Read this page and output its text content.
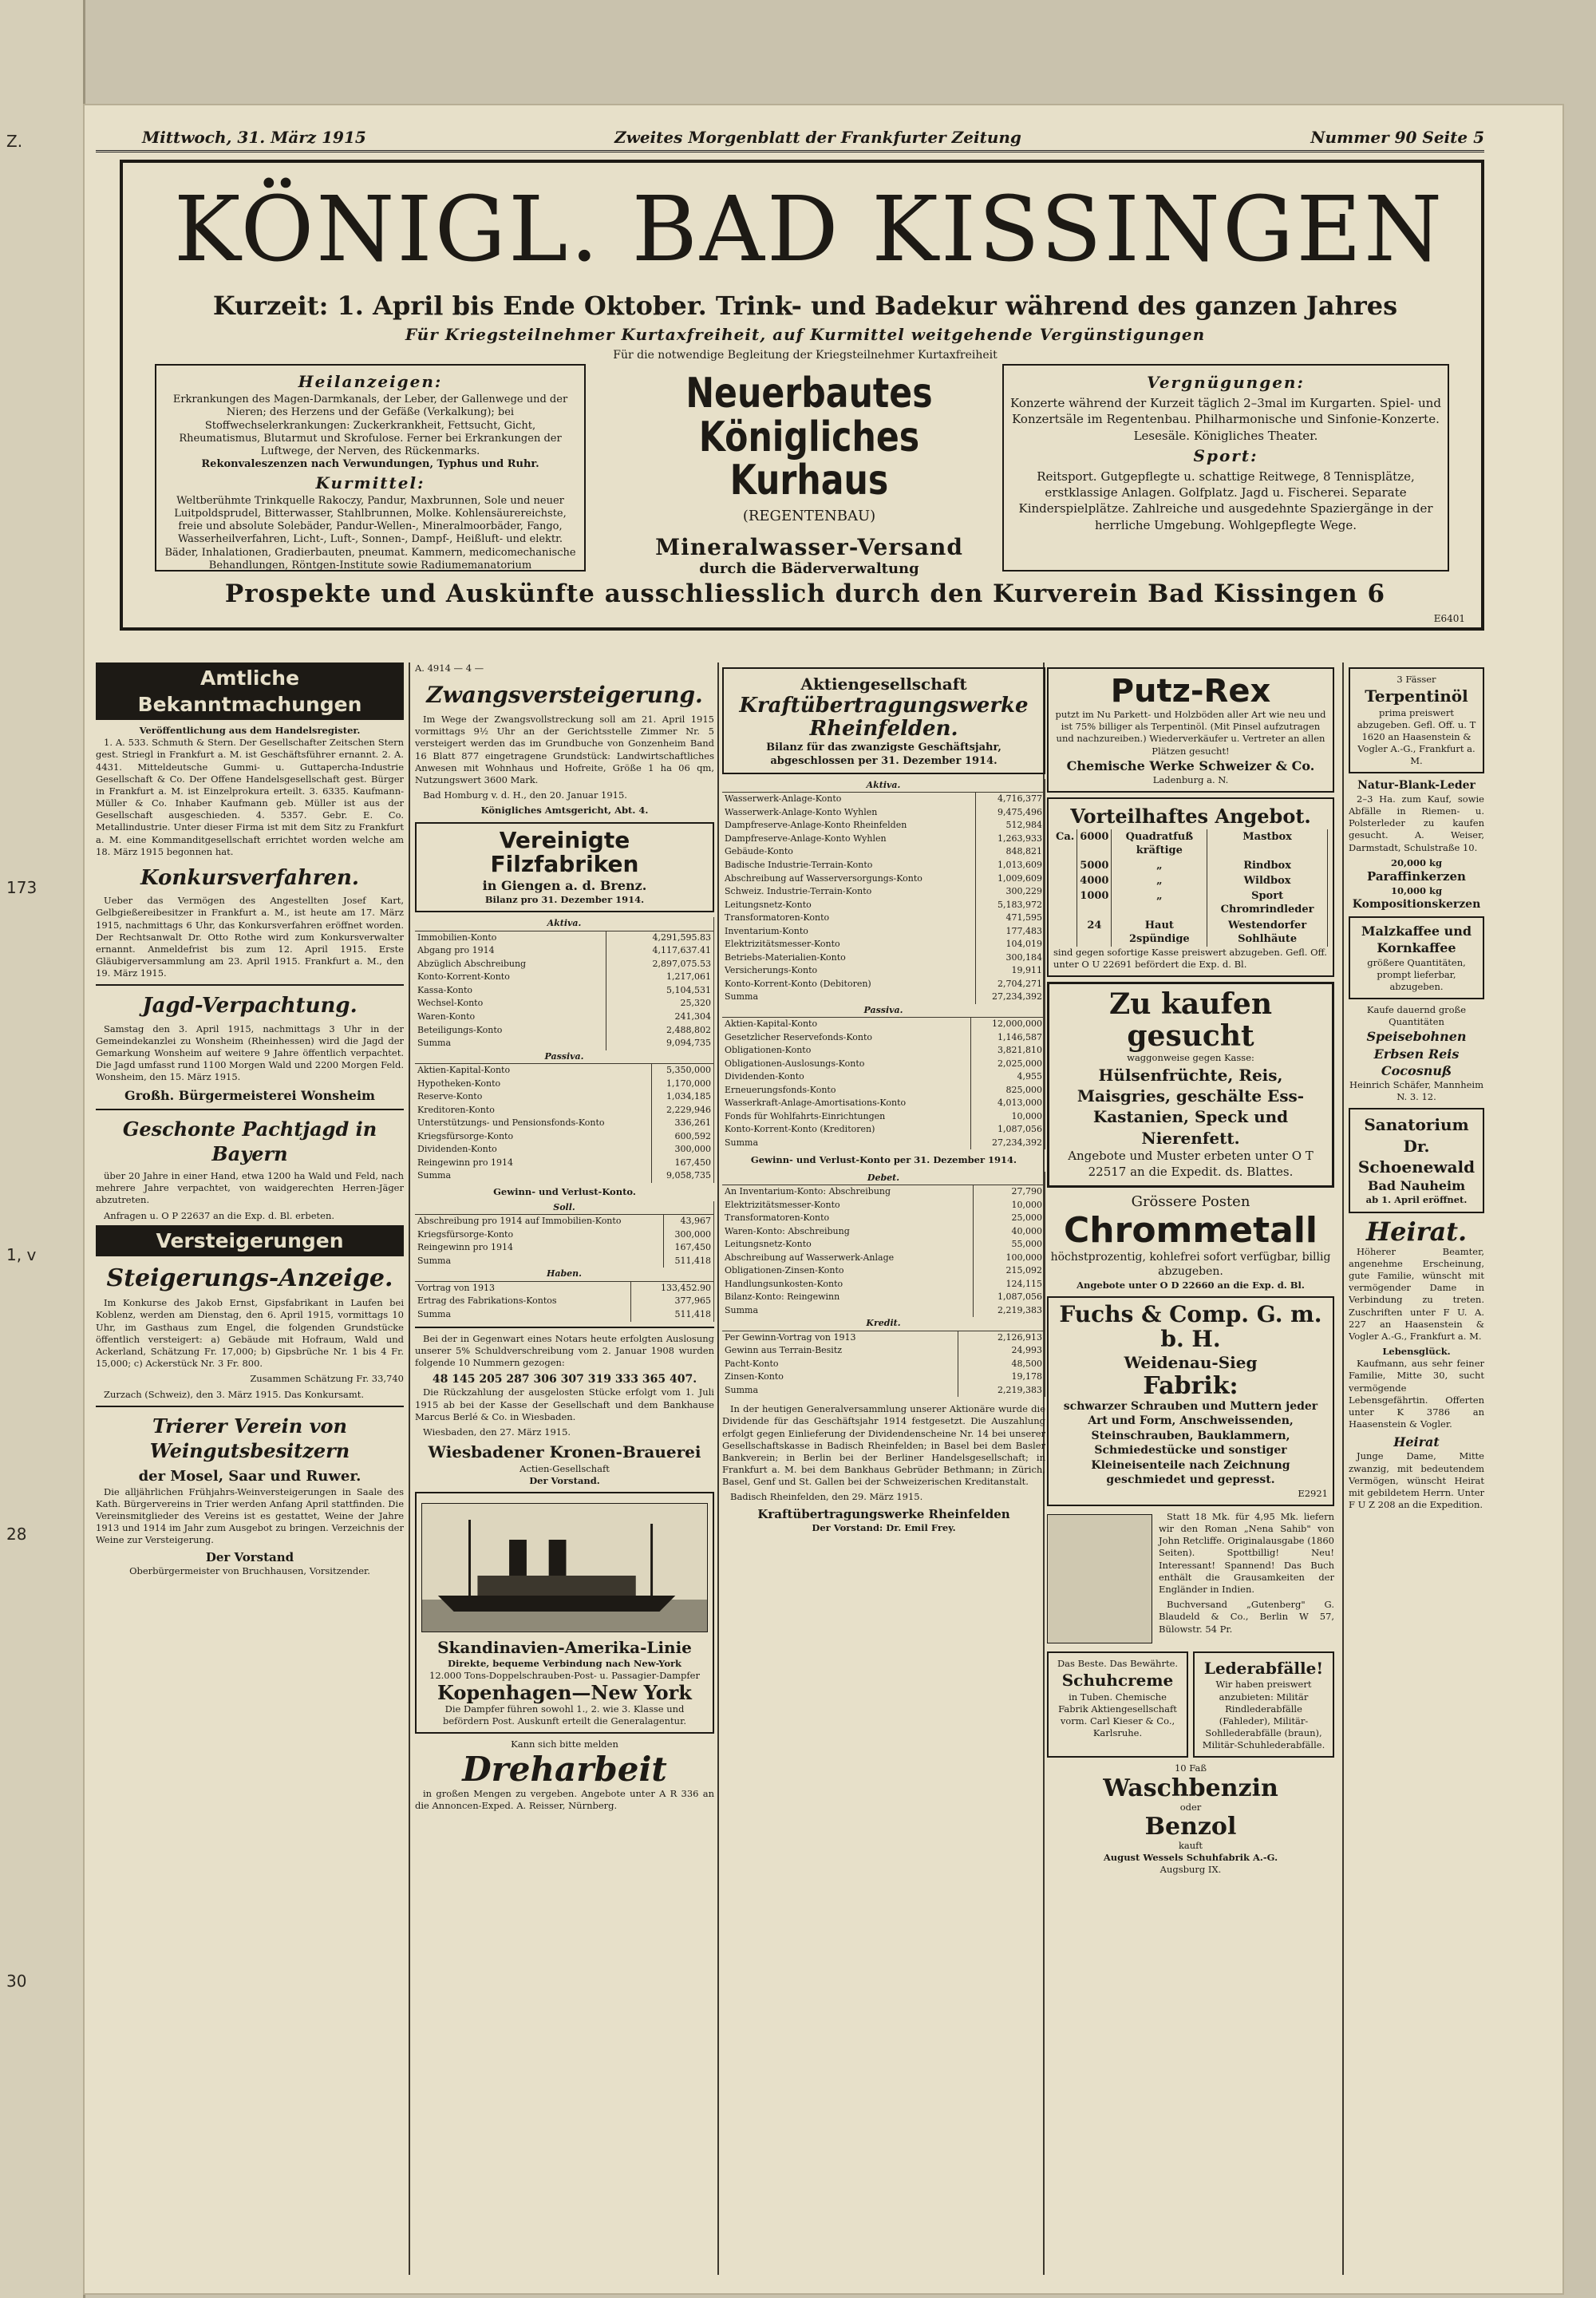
Z.
173
1, v
28
30
Mittwoch, 31. März 1915	Zweites Morgenblatt der Frankfurter Zeitung	Nummer 90 Seite 5
KÖNIGL. BAD KISSINGEN
Kurzeit: 1. April bis Ende Oktober. Trink- und Badekur während des ganzen Jahres
Für Kriegsteilnehmer Kurtaxfreiheit, auf Kurmittel weitgehende Vergünstigungen
Für die notwendige Begleitung der Kriegsteilnehmer Kurtaxfreiheit
Heilanzeigen:
Erkrankungen des Magen-Darmkanals, der Leber, der Gallenwege und der Nieren; des Herzens und der Gefäße (Verkalkung); bei Stoffwechselerkrankungen: Zuckerkrankheit, Fettsucht, Gicht, Rheumatismus, Blutarmut und Skrofulose. Ferner bei Erkrankungen der Luftwege, der Nerven, des Rückenmarks.
Rekonvaleszenzen nach Verwundungen, Typhus und Ruhr.
Kurmittel:
Weltberühmte Trinkquelle Rakoczy, Pandur, Maxbrunnen, Sole und neuer Luitpoldsprudel, Bitterwasser, Stahlbrunnen, Molke. Kohlensäurereichste, freie und absolute Solebäder, Pandur-Wellen-, Mineralmoorbäder, Fango, Wasserheilverfahren, Licht-, Luft-, Sonnen-, Dampf-, Heißluft- und elektr. Bäder, Inhalationen, Gradierbauten, pneumat. Kammern, medicomechanische Behandlungen, Röntgen-Institute sowie Radiumemanatorium
Neuerbautes
Königliches Kurhaus
(REGENTENBAU)
Mineralwasser-Versand
durch die Bäderverwaltung
Vergnügungen:
Konzerte während der Kurzeit täglich 2–3mal im Kurgarten. Spiel- und Konzertsäle im Regentenbau. Philharmonische und Sinfonie-Konzerte. Lesesäle. Königliches Theater.
Sport:
Reitsport. Gutgepflegte u. schattige Reitwege, 8 Tennisplätze, erstklassige Anlagen. Golfplatz. Jagd u. Fischerei. Separate Kinderspielplätze. Zahlreiche und ausgedehnte Spaziergänge in der herrliche Umgebung. Wohlgepflegte Wege.
Prospekte und Auskünfte ausschliesslich durch den Kurverein Bad Kissingen 6
E6401
Amtliche Bekanntmachungen
Veröffentlichung aus dem Handelsregister.

1. A. 533. Schmuth & Stern. Der Gesellschafter Zeitschen Stern gest. Striegl in Frankfurt a. M. ist Geschäftsführer ernannt. 2. A. 4431. Mitteldeutsche Gummi- u. Guttapercha-Industrie Gesellschaft & Co. Der Offene Handelsgesellschaft gest. Bürger in Frankfurt a. M. ist Einzelprokura erteilt. 3. 6335. Kaufmann-Müller & Co. Inhaber Kaufmann geb. Müller ist aus der Gesellschaft ausgeschieden. 4. 5357. Gebr. E. Co. Metallindustrie. Unter dieser Firma ist mit dem Sitz zu Frankfurt a. M. eine Kommanditgesellschaft errichtet worden welche am 18. März 1915 begonnen hat.

Konkursverfahren.

Ueber das Vermögen des Angestellten Josef Kart, Gelbgießereibesitzer in Frankfurt a. M., ist heute am 17. März 1915, nachmittags 6 Uhr, das Konkursverfahren eröffnet worden. Der Rechtsanwalt Dr. Otto Rothe wird zum Konkursverwalter ernannt. Anmeldefrist bis zum 12. April 1915. Erste Gläubigerversammlung am 23. April 1915. Frankfurt a. M., den 19. März 1915.

Jagd-Verpachtung.

Samstag den 3. April 1915, nachmittags 3 Uhr in der Gemeindekanzlei zu Wonsheim (Rheinhessen) wird die Jagd der Gemarkung Wonsheim auf weitere 9 Jahre öffentlich verpachtet. Die Jagd umfasst rund 1100 Morgen Wald und 2200 Morgen Feld. Wonsheim, den 15. März 1915.

Großh. Bürgermeisterei Wonsheim
Geschonte Pachtjagd in Bayern

über 20 Jahre in einer Hand, etwa 1200 ha Wald und Feld, nach mehrere Jahre verpachtet, von waidgerechten Herren-Jäger abzutreten.

Anfragen u. O P 22637 an die Exp. d. Bl. erbeten.

Versteigerungen
Steigerungs-Anzeige.

Im Konkurse des Jakob Ernst, Gipsfabrikant in Laufen bei Koblenz, werden am Dienstag, den 6. April 1915, vormittags 10 Uhr, im Gasthaus zum Engel, die folgenden Grundstücke öffentlich versteigert: a) Gebäude mit Hofraum, Wald und Ackerland, Schätzung Fr. 17,000; b) Gipsbrüche Nr. 1 bis 4 Fr. 15,000; c) Ackerstück Nr. 3 Fr. 800.

Zusammen Schätzung Fr. 33,740

Zurzach (Schweiz), den 3. März 1915. Das Konkursamt.

Trierer Verein von Weingutsbesitzern
der Mosel, Saar und Ruwer.

Die alljährlichen Frühjahrs-Weinversteigerungen in Saale des Kath. Bürgervereins in Trier werden Anfang April stattfinden. Die Vereinsmitglieder des Vereins ist es gestattet, Weine der Jahre 1913 und 1914 im Jahr zum Ausgebot zu bringen. Verzeichnis der Weine zur Versteigerung.

Der Vorstand
Oberbürgermeister von Bruchhausen, Vorsitzender.
A. 4914 — 4 —
Zwangsversteigerung.

Im Wege der Zwangsvollstreckung soll am 21. April 1915 vormittags 9½ Uhr an der Gerichtsstelle Zimmer Nr. 5 versteigert werden das im Grundbuche von Gonzenheim Band 16 Blatt 877 eingetragene Grundstück: Landwirtschaftliches Anwesen mit Wohnhaus und Hofreite, Größe 1 ha 06 qm, Nutzungswert 3600 Mark.

Bad Homburg v. d. H., den 20. Januar 1915.

Königliches Amtsgericht, Abt. 4.
Vereinigte Filzfabriken
in Giengen a. d. Brenz.
Bilanz pro 31. Dezember 1914.
Aktiva.	
Immobilien-Konto	4,291,595.83
Abgang pro 1914	4,117,637.41
Abzüglich Abschreibung	2,897,075.53
Konto-Korrent-Konto	1,217,061
Kassa-Konto	5,104,531
Wechsel-Konto	25,320
Waren-Konto	241,304
Beteiligungs-Konto	2,488,802
Summa	9,094,735
Passiva.	
Aktien-Kapital-Konto	5,350,000
Hypotheken-Konto	1,170,000
Reserve-Konto	1,034,185
Kreditoren-Konto	2,229,946
Unterstützungs- und Pensionsfonds-Konto	336,261
Kriegsfürsorge-Konto	600,592
Dividenden-Konto	300,000
Reingewinn pro 1914	167,450
Summa	9,058,735
Gewinn- und Verlust-Konto.
Soll.	
Abschreibung pro 1914 auf Immobilien-Konto	43,967
Kriegsfürsorge-Konto	300,000
Reingewinn pro 1914	167,450
Summa	511,418
Haben.	
Vortrag von 1913	133,452.90
Ertrag des Fabrikations-Kontos	377,965
Summa	511,418

Bei der in Gegenwart eines Notars heute erfolgten Auslosung unserer 5% Schuldverschreibung vom 2. Januar 1908 wurden folgende 10 Nummern gezogen:

48 145 205 287 306 307 319 333 365 407.

Die Rückzahlung der ausgelosten Stücke erfolgt vom 1. Juli 1915 ab bei der Kasse der Gesellschaft und dem Bankhause Marcus Berlé & Co. in Wiesbaden.

Wiesbaden, den 27. März 1915.

Wiesbadener Kronen-Brauerei
Actien-Gesellschaft
Der Vorstand.
Skandinavien-Amerika-Linie
Direkte, bequeme Verbindung nach New-York
12.000 Tons-Doppelschrauben-Post- u. Passagier-Dampfer
Kopenhagen—New York
Die Dampfer führen sowohl 1., 2. wie 3. Klasse und befördern Post. Auskunft erteilt die Generalagentur.
Kann sich bitte melden
Dreharbeit

in großen Mengen zu vergeben. Angebote unter A R 336 an die Annoncen-Exped. A. Reisser, Nürnberg.

Aktiengesellschaft
Kraftübertragungswerke Rheinfelden.
Bilanz für das zwanzigste Geschäftsjahr, abgeschlossen per 31. Dezember 1914.
Aktiva.	
Wasserwerk-Anlage-Konto	4,716,377
Wasserwerk-Anlage-Konto Wyhlen	9,475,496
Dampfreserve-Anlage-Konto Rheinfelden	512,984
Dampfreserve-Anlage-Konto Wyhlen	1,263,933
Gebäude-Konto	848,821
Badische Industrie-Terrain-Konto	1,013,609
Abschreibung auf Wasserversorgungs-Konto	1,009,609
Schweiz. Industrie-Terrain-Konto	300,229
Leitungsnetz-Konto	5,183,972
Transformatoren-Konto	471,595
Inventarium-Konto	177,483
Elektrizitätsmesser-Konto	104,019
Betriebs-Materialien-Konto	300,184
Versicherungs-Konto	19,911
Konto-Korrent-Konto (Debitoren)	2,704,271
Summa	27,234,392
Passiva.	
Aktien-Kapital-Konto	12,000,000
Gesetzlicher Reservefonds-Konto	1,146,587
Obligationen-Konto	3,821,810
Obligationen-Auslosungs-Konto	2,025,000
Dividenden-Konto	4,955
Erneuerungsfonds-Konto	825,000
Wasserkraft-Anlage-Amortisations-Konto	4,013,000
Fonds für Wohlfahrts-Einrichtungen	10,000
Konto-Korrent-Konto (Kreditoren)	1,087,056
Summa	27,234,392
Gewinn- und Verlust-Konto per 31. Dezember 1914.
Debet.	
An Inventarium-Konto: Abschreibung	27,790
Elektrizitätsmesser-Konto	10,000
Transformatoren-Konto	25,000
Waren-Konto: Abschreibung	40,000
Leitungsnetz-Konto	55,000
Abschreibung auf Wasserwerk-Anlage	100,000
Obligationen-Zinsen-Konto	215,092
Handlungsunkosten-Konto	124,115
Bilanz-Konto: Reingewinn	1,087,056
Summa	2,219,383
Kredit.	
Per Gewinn-Vortrag von 1913	2,126,913
Gewinn aus Terrain-Besitz	24,993
Pacht-Konto	48,500
Zinsen-Konto	19,178
Summa	2,219,383

In der heutigen Generalversammlung unserer Aktionäre wurde die Dividende für das Geschäftsjahr 1914 festgesetzt. Die Auszahlung erfolgt gegen Einlieferung der Dividendenscheine Nr. 14 bei unserer Gesellschaftskasse in Badisch Rheinfelden; in Basel bei dem Basler Bankverein; in Berlin bei der Berliner Handelsgesellschaft; in Frankfurt a. M. bei dem Bankhaus Gebrüder Bethmann; in Zürich, Basel, Genf und St. Gallen bei der Schweizerischen Kreditanstalt.

Badisch Rheinfelden, den 29. März 1915.

Kraftübertragungswerke Rheinfelden
Der Vorstand: Dr. Emil Frey.
Putz-Rex
putzt im Nu Parkett- und Holzböden aller Art wie neu und ist 75% billiger als Terpentinöl. (Mit Pinsel aufzutragen und nachzureiben.) Wiederverkäufer u. Vertreter an allen Plätzen gesucht!
Chemische Werke Schweizer & Co.
Ladenburg a. N.
Vorteilhaftes Angebot.
Ca.	6000	Quadratfuß kräftige	Mastbox
	5000	„	Rindbox
	4000	„	Wildbox
	1000	„	Sport Chromrindleder
	24	Haut 2spündige	Westendorfer Sohlhäute
sind gegen sofortige Kasse preiswert abzugeben. Gefl. Off. unter O U 22691 befördert die Exp. d. Bl.
Zu kaufen gesucht
waggonweise gegen Kasse:
Hülsenfrüchte, Reis, Maisgries, geschälte Ess-Kastanien, Speck und Nierenfett.
Angebote und Muster erbeten unter O T 22517 an die Expedit. ds. Blattes.
Grössere Posten
Chrommetall
höchstprozentig, kohlefrei sofort verfügbar, billig abzugeben.
Angebote unter O D 22660 an die Exp. d. Bl.
Fuchs & Comp. G. m. b. H.
Weidenau-Sieg
Fabrik:
schwarzer Schrauben und Muttern jeder Art und Form, Anschweissenden, Steinschrauben, Bauklammern, Schmiedestücke und sonstiger Kleineisenteile nach Zeichnung geschmiedet und gepresst.
E2921

Statt 18 Mk. für 4,95 Mk. liefern wir den Roman „Nena Sahib" von John Retcliffe. Originalausgabe (1860 Seiten). Spottbillig! Neu! Interessant! Spannend! Das Buch enthält die Grausamkeiten der Engländer in Indien.

Buchversand „Gutenberg" G. Blaudeld & Co., Berlin W 57, Bülowstr. 54 Pr.

Das Beste. Das Bewährte.
Schuhcreme
in Tuben. Chemische Fabrik Aktiengesellschaft vorm. Carl Kieser & Co., Karlsruhe.
Lederabfälle!
Wir haben preiswert anzubieten: Militär Rindlederabfälle (Fahleder), Militär-Sohllederabfälle (braun), Militär-Schuhlederabfälle.
10 Faß
Waschbenzin
oder
Benzol
kauft
August Wessels Schuhfabrik A.-G.
Augsburg IX.
3 Fässer
Terpentinöl
prima preiswert abzugeben. Gefl. Off. u. T 1620 an Haasenstein & Vogler A.-G., Frankfurt a. M.
Natur-Blank-Leder

2–3 Ha. zum Kauf, sowie Abfälle in Riemen- u. Polsterleder zu kaufen gesucht. A. Weiser, Darmstadt, Schulstraße 10.

20,000 kg
Paraffinkerzen
10,000 kg
Kompositionskerzen
Malzkaffee und Kornkaffee
größere Quantitäten, prompt lieferbar, abzugeben.
Kaufe dauernd große Quantitäten
Speisebohnen Erbsen Reis Cocosnuß
Heinrich Schäfer, Mannheim N. 3. 12.
Sanatorium
Dr. Schoenewald
Bad Nauheim
ab 1. April eröffnet.
Heirat.

Höherer Beamter, angenehme Erscheinung, gute Familie, wünscht mit vermögender Dame in Verbindung zu treten. Zuschriften unter F U. A. 227 an Haasenstein & Vogler A.-G., Frankfurt a. M.

Lebensglück.

Kaufmann, aus sehr feiner Familie, Mitte 30, sucht vermögende Lebensgefährtin. Offerten unter K 3786 an Haasenstein & Vogler.

Heirat

Junge Dame, Mitte zwanzig, mit bedeutendem Vermögen, wünscht Heirat mit gebildetem Herrn. Unter F U Z 208 an die Expedition.
